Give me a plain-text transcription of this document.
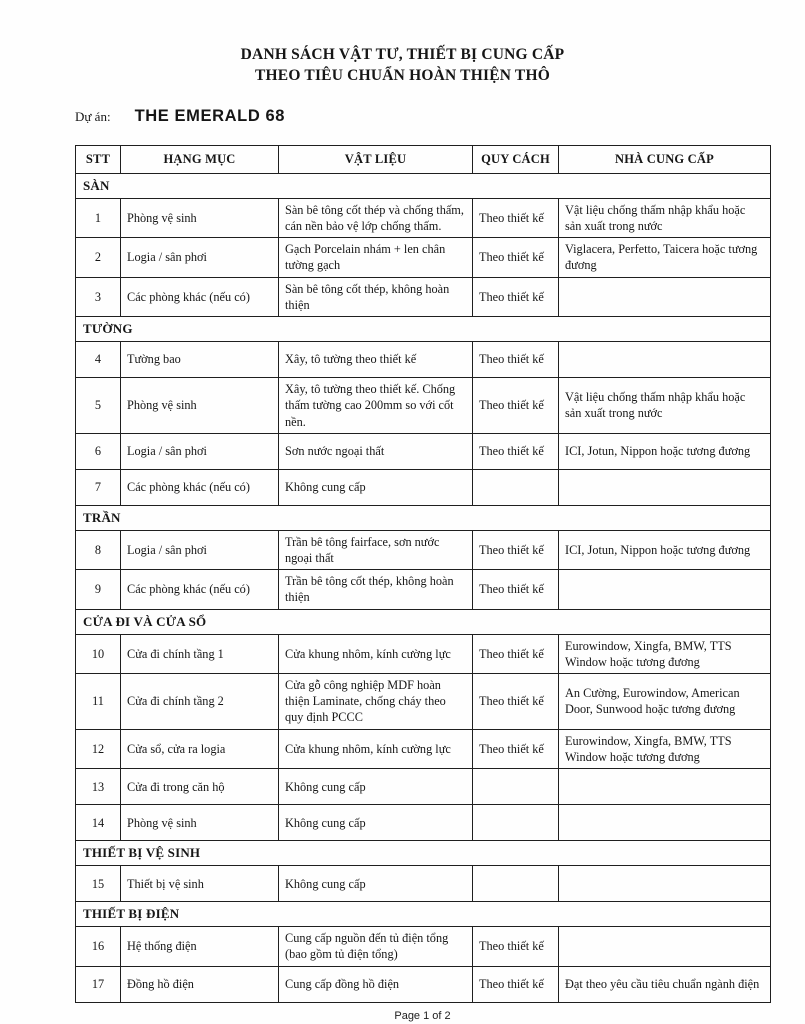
DANH SÁCH VẬT TƯ, THIẾT BỊ CUNG CẤP
THEO TIÊU CHUẨN HOÀN THIỆN THÔ
Dự án: THE EMERALD 68
STT	HẠNG MỤC	VẬT LIỆU	QUY CÁCH	NHÀ CUNG CẤP
SÀN				
1	Phòng vệ sinh	Sàn bê tông cốt thép và chống thấm, cán nền bảo vệ lớp chống thấm.	Theo thiết kế	Vật liệu chống thấm nhập khẩu hoặc sản xuất trong nước
2	Logia / sân phơi	Gạch Porcelain nhám + len chân tường gạch	Theo thiết kế	Viglacera, Perfetto, Taicera hoặc tương đương
3	Các phòng khác (nếu có)	Sàn bê tông cốt thép, không hoàn thiện	Theo thiết kế	
TƯỜNG				
4	Tường bao	Xây, tô tường theo thiết kế	Theo thiết kế	
5	Phòng vệ sinh	Xây, tô tường theo thiết kế. Chống thấm tường cao 200mm so với cốt nền.	Theo thiết kế	Vật liệu chống thấm nhập khẩu hoặc sản xuất trong nước
6	Logia / sân phơi	Sơn nước ngoại thất	Theo thiết kế	ICI, Jotun, Nippon hoặc tương đương
7	Các phòng khác (nếu có)	Không cung cấp		
TRẦN				
8	Logia / sân phơi	Trần bê tông fairface, sơn nước ngoại thất	Theo thiết kế	ICI, Jotun, Nippon hoặc tương đương
9	Các phòng khác (nếu có)	Trần bê tông cốt thép, không hoàn thiện	Theo thiết kế	
CỬA ĐI VÀ CỬA SỔ				
10	Cửa đi chính tầng 1	Cửa khung nhôm, kính cường lực	Theo thiết kế	Eurowindow, Xingfa, BMW, TTS Window hoặc tương đương
11	Cửa đi chính tầng 2	Cửa gỗ công nghiệp MDF hoàn thiện Laminate, chống cháy theo quy định PCCC	Theo thiết kế	An Cường, Eurowindow, American Door, Sunwood hoặc tương đương
12	Cửa sổ, cửa ra logia	Cửa khung nhôm, kính cường lực	Theo thiết kế	Eurowindow, Xingfa, BMW, TTS Window hoặc tương đương
13	Cửa đi trong căn hộ	Không cung cấp		
14	Phòng vệ sinh	Không cung cấp		
THIẾT BỊ VỆ SINH				
15	Thiết bị vệ sinh	Không cung cấp		
THIẾT BỊ ĐIỆN				
16	Hệ thống điện	Cung cấp nguồn đến tủ điện tổng (bao gồm tủ điện tổng)	Theo thiết kế	
17	Đồng hồ điện	Cung cấp đồng hồ điện	Theo thiết kế	Đạt theo yêu cầu tiêu chuẩn ngành điện
Page 1 of 2
